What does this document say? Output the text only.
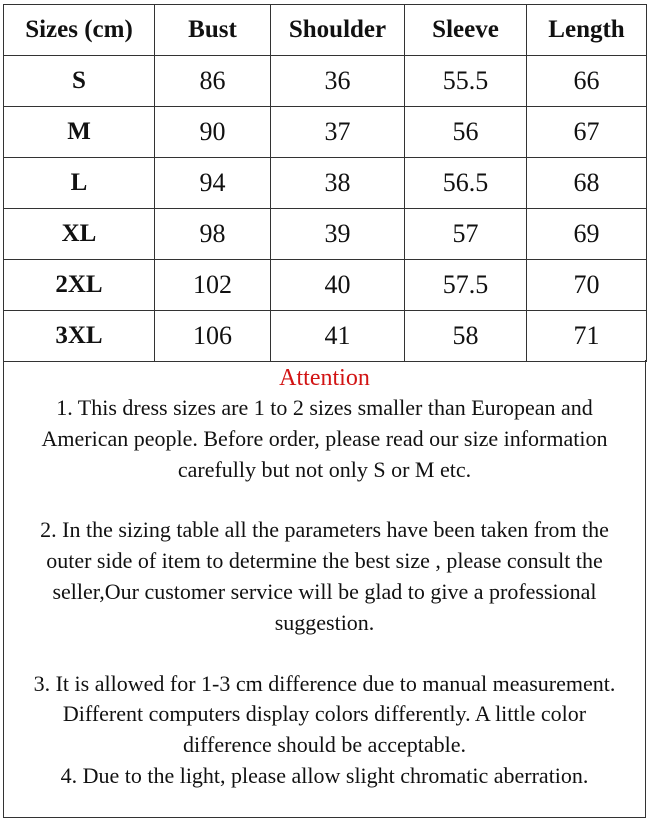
Sizes (cm)	Bust	Shoulder	Sleeve	Length
S	86	36	55.5	66
M	90	37	56	67
L	94	38	56.5	68
XL	98	39	57	69
2XL	102	40	57.5	70
3XL	106	41	58	71

Attention

1. This dress sizes are 1 to 2 sizes smaller than European and

American people. Before order, please read our size information

carefully but not only S or M etc.

2. In the sizing table all the parameters have been taken from the

outer side of item to determine the best size , please consult the

seller,Our customer service will be glad to give a professional

suggestion.

3. It is allowed for 1-3 cm difference due to manual measurement.

Different computers display colors differently. A little color

difference should be acceptable.

4. Due to the light, please allow slight chromatic aberration.
